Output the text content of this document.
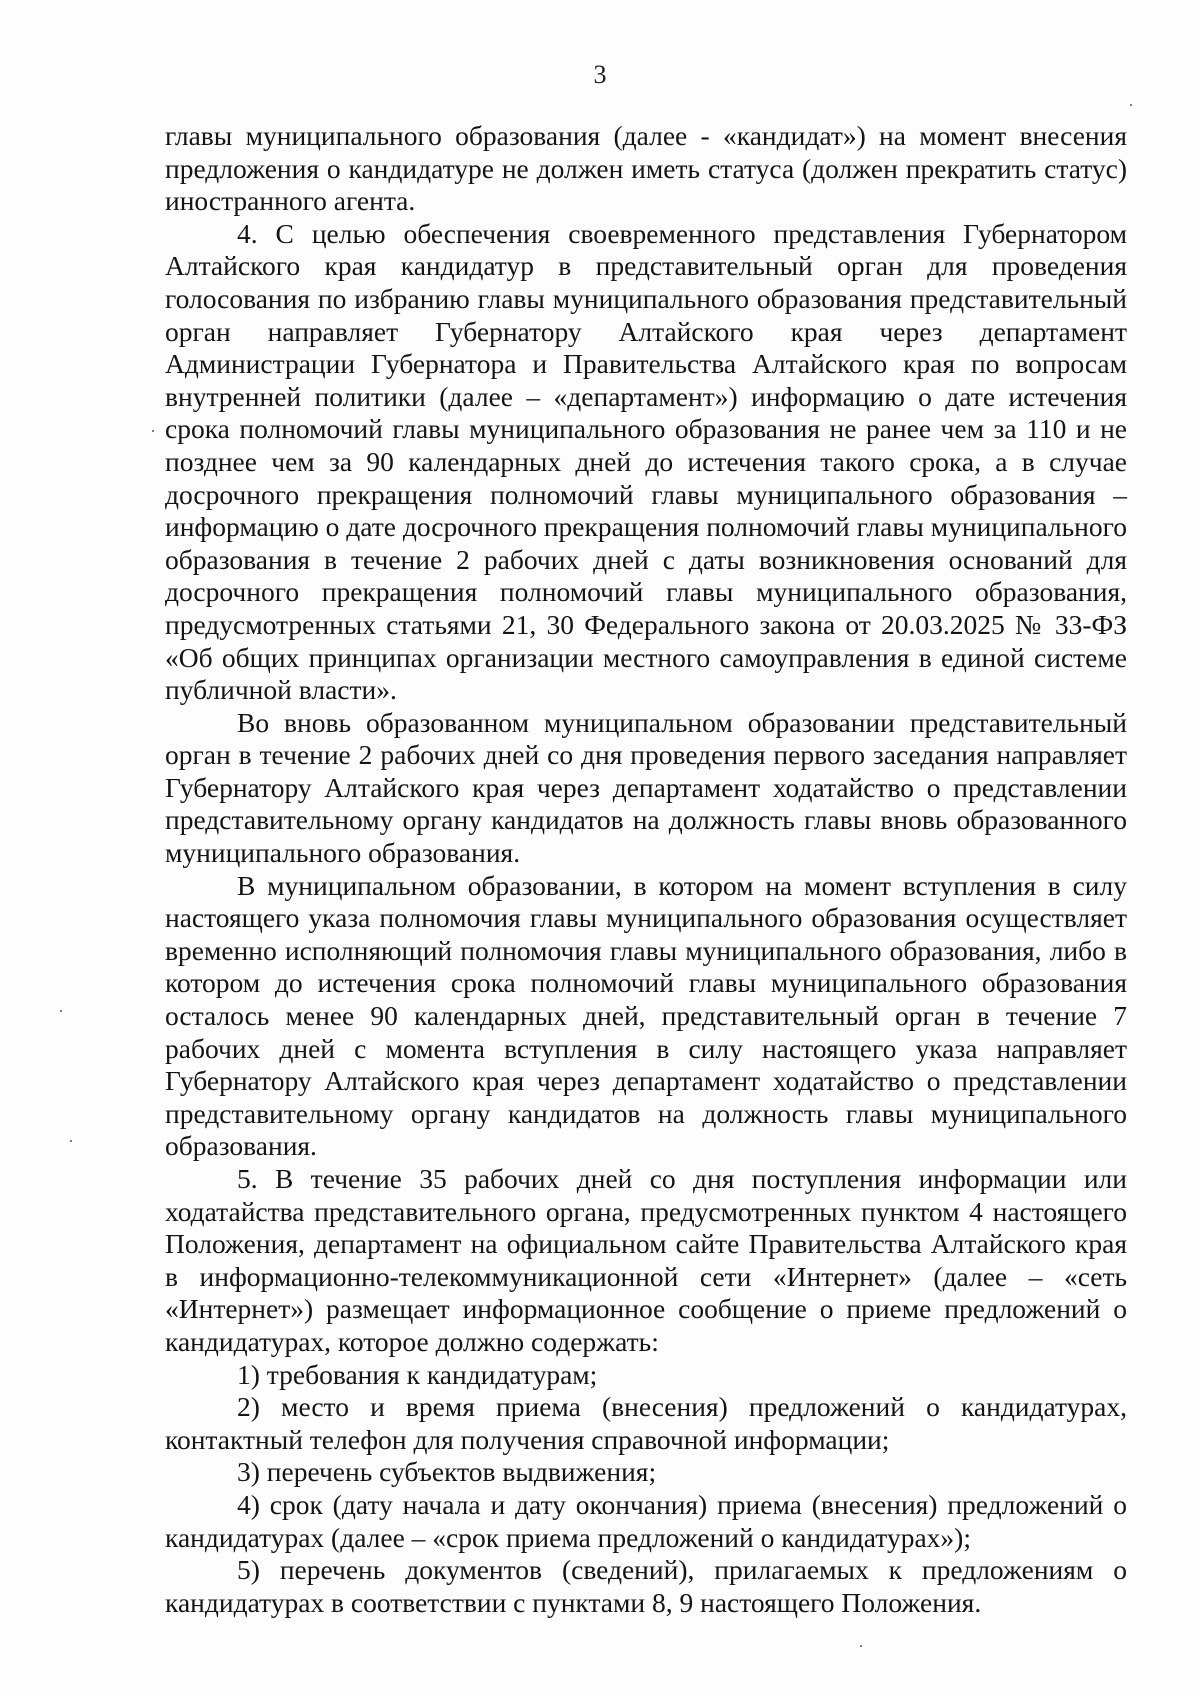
3

главы муниципального образования (далее - «кандидат») на момент внесения предложения о кандидатуре не должен иметь статуса (должен прекратить статус) иностранного агента.

4. С целью обеспечения своевременного представления Губернатором Алтайского края кандидатур в представительный орган для проведения голосования по избранию главы муниципального образования представительный орган направляет Губернатору Алтайского края через департамент Администрации Губернатора и Правительства Алтайского края по вопросам внутренней политики (далее – «департамент») информацию о дате истечения срока полномочий главы муниципального образования не ранее чем за 110 и не позднее чем за 90 календарных дней до истечения такого срока, а в случае досрочного прекращения полномочий главы муниципального образования – информацию о дате досрочного прекращения полномочий главы муниципального образования в течение 2 рабочих дней с даты возникновения оснований для досрочного прекращения полномочий главы муниципального образования, предусмотренных статьями 21, 30 Федерального закона от 20.03.2025 № 33-ФЗ «Об общих принципах организации местного самоуправления в единой системе публичной власти».

Во вновь образованном муниципальном образовании представительный орган в течение 2 рабочих дней со дня проведения первого заседания направляет Губернатору Алтайского края через департамент ходатайство о представлении представительному органу кандидатов на должность главы вновь образованного муниципального образования.

В муниципальном образовании, в котором на момент вступления в силу настоящего указа полномочия главы муниципального образования осуществляет временно исполняющий полномочия главы муниципального образования, либо в котором до истечения срока полномочий главы муниципального образования осталось менее 90 календарных дней, представительный орган в течение 7 рабочих дней с момента вступления в силу настоящего указа направляет Губернатору Алтайского края через департамент ходатайство о представлении представительному органу кандидатов на должность главы муниципального образования.

5. В течение 35 рабочих дней со дня поступления информации или ходатайства представительного органа, предусмотренных пунктом 4 настоящего Положения, департамент на официальном сайте Правительства Алтайского края в информационно-телекоммуникационной сети «Интернет» (далее – «сеть «Интернет») размещает информационное сообщение о приеме предложений о кандидатурах, которое должно содержать:

1) требования к кандидатурам;

2) место и время приема (внесения) предложений о кандидатурах, контактный телефон для получения справочной информации;

3) перечень субъектов выдвижения;

4) срок (дату начала и дату окончания) приема (внесения) предложений о кандидатурах (далее – «срок приема предложений о кандидатурах»);

5) перечень документов (сведений), прилагаемых к предложениям о кандидатурах в соответствии с пунктами 8, 9 настоящего Положения.
